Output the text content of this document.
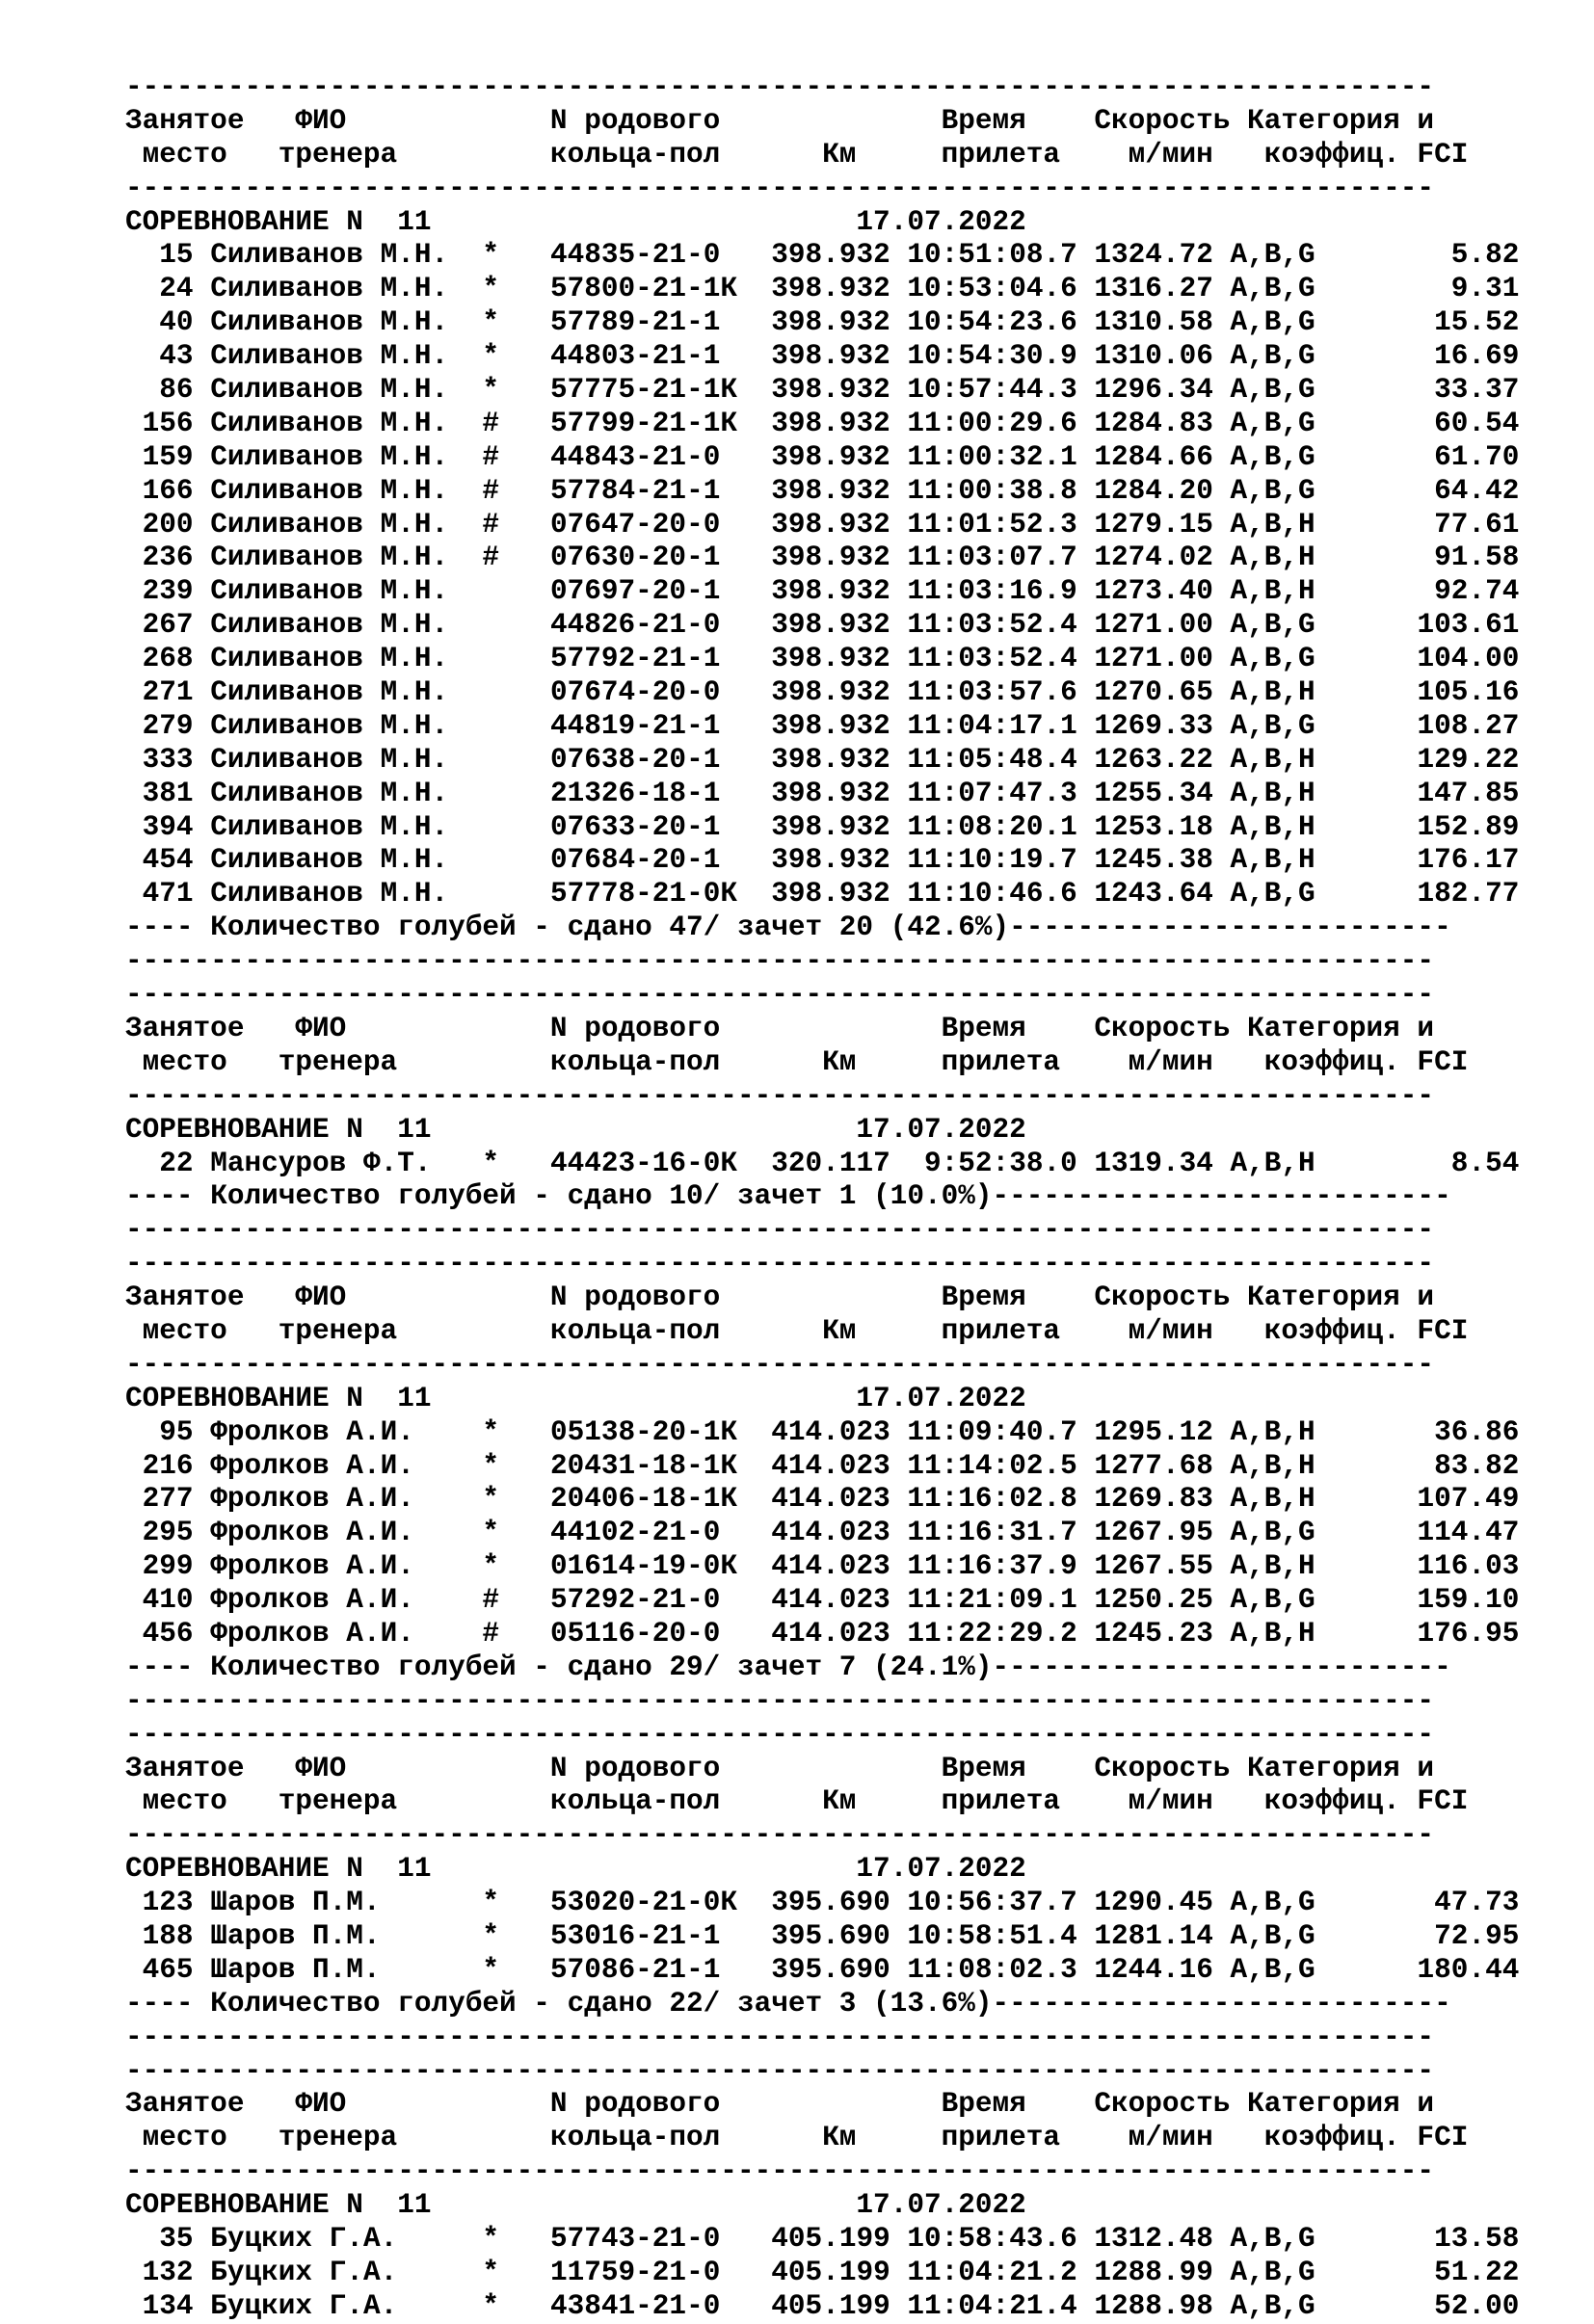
-----------------------------------------------------------------------------
Занятое   ФИО            N родового             Время    Скорость Категория и
место   тренера         кольца-пол      Км     прилета    м/мин   коэффиц. FCI
-----------------------------------------------------------------------------
СОРЕВНОВАНИЕ N  11	17.07.2022
15 Силиванов М.Н.  * 44835-21-0   398.932 10:51:08.7 1324.72 A,B,G        5.82
24 Силиванов М.Н.  * 57800-21-1К  398.932 10:53:04.6 1316.27 A,B,G        9.31
40 Силиванов М.Н.  * 57789-21-1   398.932 10:54:23.6 1310.58 A,B,G       15.52
43 Силиванов М.Н.  * 44803-21-1   398.932 10:54:30.9 1310.06 A,B,G       16.69
86 Силиванов М.Н.  * 57775-21-1К  398.932 10:57:44.3 1296.34 A,B,G       33.37
156 Силиванов М.Н.  # 57799-21-1К  398.932 11:00:29.6 1284.83 A,B,G       60.54
159 Силиванов М.Н.  # 44843-21-0   398.932 11:00:32.1 1284.66 A,B,G       61.70
166 Силиванов М.Н.  # 57784-21-1   398.932 11:00:38.8 1284.20 A,B,G       64.42
200 Силиванов М.Н.  # 07647-20-0   398.932 11:01:52.3 1279.15 A,B,H       77.61
236 Силиванов М.Н.  # 07630-20-1   398.932 11:03:07.7 1274.02 A,B,H       91.58
239 Силиванов М.Н.	07697-20-1   398.932 11:03:16.9 1273.40 A,B,H       92.74
267 Силиванов М.Н.	44826-21-0   398.932 11:03:52.4 1271.00 A,B,G      103.61
268 Силиванов М.Н.	57792-21-1   398.932 11:03:52.4 1271.00 A,B,G      104.00
271 Силиванов М.Н.	07674-20-0   398.932 11:03:57.6 1270.65 A,B,H      105.16
279 Силиванов М.Н.	44819-21-1   398.932 11:04:17.1 1269.33 A,B,G      108.27
333 Силиванов М.Н.	07638-20-1   398.932 11:05:48.4 1263.22 A,B,H      129.22
381 Силиванов М.Н.	21326-18-1   398.932 11:07:47.3 1255.34 A,B,H      147.85
394 Силиванов М.Н.	07633-20-1   398.932 11:08:20.1 1253.18 A,B,H      152.89
454 Силиванов М.Н.	07684-20-1   398.932 11:10:19.7 1245.38 A,B,H      176.17
471 Силиванов М.Н.	57778-21-0К  398.932 11:10:46.6 1243.64 A,B,G      182.77
---- Количество голубей - сдано 47/ зачет 20 (42.6%)--------------------------
-----------------------------------------------------------------------------
-----------------------------------------------------------------------------
Занятое   ФИО            N родового             Время    Скорость Категория и
место   тренера         кольца-пол      Км     прилета    м/мин   коэффиц. FCI
-----------------------------------------------------------------------------
СОРЕВНОВАНИЕ N  11	17.07.2022
22 Мансуров Ф.Т.   * 44423-16-0К  320.117  9:52:38.0 1319.34 A,B,H        8.54
---- Количество голубей - сдано 10/ зачет 1 (10.0%)---------------------------
-----------------------------------------------------------------------------
-----------------------------------------------------------------------------
Занятое   ФИО            N родового             Время    Скорость Категория и
место   тренера         кольца-пол      Км     прилета    м/мин   коэффиц. FCI
-----------------------------------------------------------------------------
СОРЕВНОВАНИЕ N  11	17.07.2022
95 Фролков А.И.    * 05138-20-1К  414.023 11:09:40.7 1295.12 A,B,H       36.86
216 Фролков А.И.    * 20431-18-1К  414.023 11:14:02.5 1277.68 A,B,H       83.82
277 Фролков А.И.    * 20406-18-1К  414.023 11:16:02.8 1269.83 A,B,H      107.49
295 Фролков А.И.    * 44102-21-0   414.023 11:16:31.7 1267.95 A,B,G      114.47
299 Фролков А.И.    * 01614-19-0К  414.023 11:16:37.9 1267.55 A,B,H      116.03
410 Фролков А.И.    # 57292-21-0   414.023 11:21:09.1 1250.25 A,B,G      159.10
456 Фролков А.И.    # 05116-20-0   414.023 11:22:29.2 1245.23 A,B,H      176.95
---- Количество голубей - сдано 29/ зачет 7 (24.1%)---------------------------
-----------------------------------------------------------------------------
-----------------------------------------------------------------------------
Занятое   ФИО            N родового             Время    Скорость Категория и
место   тренера         кольца-пол      Км     прилета    м/мин   коэффиц. FCI
-----------------------------------------------------------------------------
СОРЕВНОВАНИЕ N  11	17.07.2022
123 Шаров П.М.      * 53020-21-0К  395.690 10:56:37.7 1290.45 A,B,G       47.73
188 Шаров П.М.      * 53016-21-1   395.690 10:58:51.4 1281.14 A,B,G       72.95
465 Шаров П.М.      * 57086-21-1   395.690 11:08:02.3 1244.16 A,B,G      180.44
---- Количество голубей - сдано 22/ зачет 3 (13.6%)---------------------------
-----------------------------------------------------------------------------
-----------------------------------------------------------------------------
Занятое   ФИО            N родового             Время    Скорость Категория и
место   тренера         кольца-пол      Км     прилета    м/мин   коэффиц. FCI
-----------------------------------------------------------------------------
СОРЕВНОВАНИЕ N  11	17.07.2022
35 Буцких Г.А.     * 57743-21-0   405.199 10:58:43.6 1312.48 A,B,G       13.58
132 Буцких Г.А.     * 11759-21-0   405.199 11:04:21.2 1288.99 A,B,G       51.22
134 Буцких Г.А.     * 43841-21-0   405.199 11:04:21.4 1288.98 A,B,G       52.00
